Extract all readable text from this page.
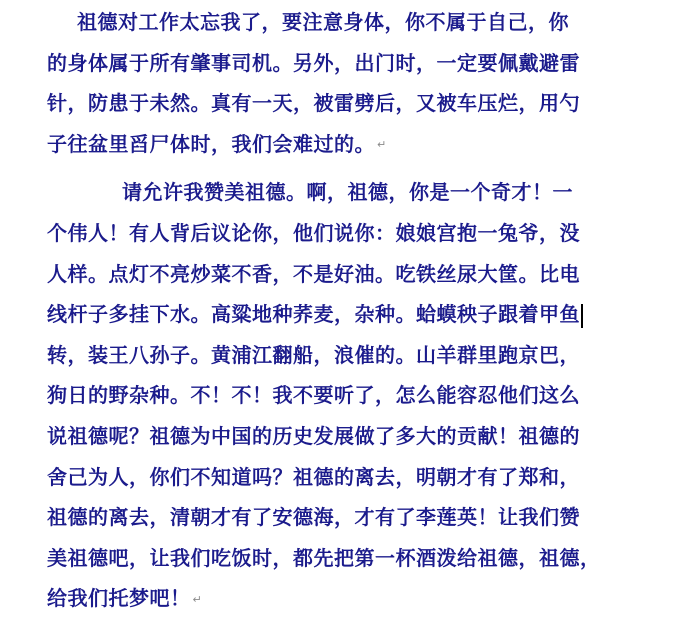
祖德对工作太忘我了，要注意身体，你不属于自己，你
的身体属于所有肇事司机。另外，出门时，一定要佩戴避雷
针，防患于未然。真有一天，被雷劈后，又被车压烂，用勺
子往盆里舀尸体时，我们会难过的。 ↵
请允许我赞美祖德。啊，祖德，你是一个奇才！一
个伟人！有人背后议论你，他们说你：娘娘宫抱一兔爷，没
人样。点灯不亮炒菜不香，不是好油。吃铁丝尿大筐。比电
线杆子多挂下水。高粱地种荞麦，杂种。蛤蟆秧子跟着甲鱼
转，装王八孙子。黄浦江翻船，浪催的。山羊群里跑京巴，
狗日的野杂种。不！不！我不要听了，怎么能容忍他们这么
说祖德呢？祖德为中国的历史发展做了多大的贡献！祖德的
舍己为人，你们不知道吗？祖德的离去，明朝才有了郑和，
祖德的离去，清朝才有了安德海，才有了李莲英！让我们赞
美祖德吧，让我们吃饭时，都先把第一杯酒泼给祖德，祖德，
给我们托梦吧！ ↵
